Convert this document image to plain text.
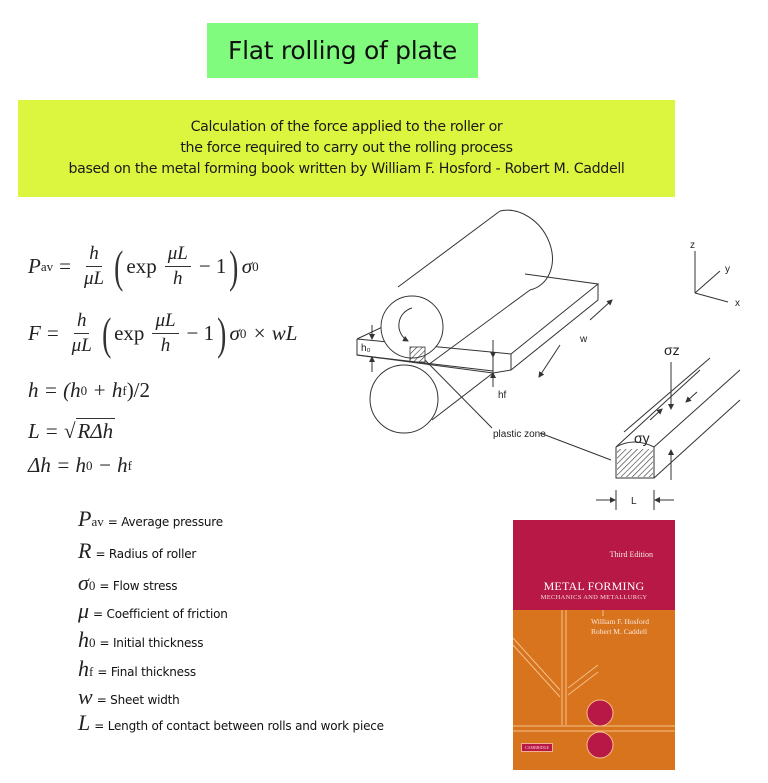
Flat rolling of plate
Calculation of the force applied to the roller or
the force required to carry out the rolling process
based on the metal forming book written by William F. Hosford - Robert M. Caddell
P av = $\frac{h}{\mu L}$ ( $\exp \frac{\mu L}{h} - 1$ ) σ 0
$F = \frac{h}{\mu L}$ ( $\exp \frac{\mu L}{h} - 1$ ) σ 0 × wL
h = (h 0 + h f )/2
L = √ RΔh
Δh = h 0 − h f
P av = Average pressure
R = Radius of roller
σ 0 = Flow stress
μ = Coefficient of friction
h 0 = Initial thickness
h f = Final thickness
w = Sheet width
L = Length of contact between rolls and work piece
h₀
hf
w
plastic zone
σz
σy
L
x
y
z
Third Edition
METAL FORMING
MECHANICS AND METALLURGY
William F. Hosford
Robert M. Caddell
CAMBRIDGE
